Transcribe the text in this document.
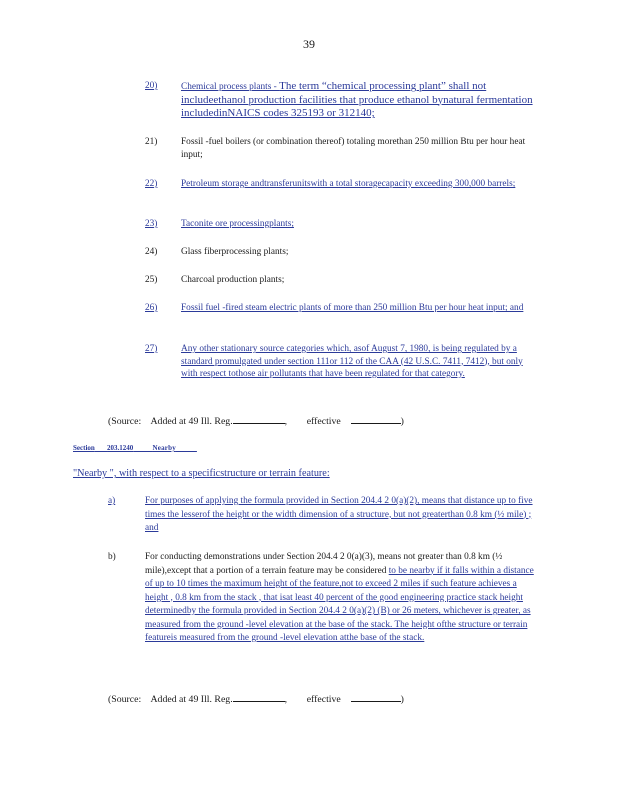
39
20)	Chemical process plants - The term “chemical processing plant” shall not includeethanol production facilities that produce ethanol bynatural fermentation includedinNAICS codes 325193 or 312140;
21)	Fossil -fuel boilers (or combination thereof) totaling morethan 250 million Btu per hour heat input;
22)	Petroleum storage andtransferunitswith a total storagecapacity exceeding 300,000 barrels;
23)	Taconite ore processingplants;
24)	Glass fiberprocessing plants;
25)	Charcoal production plants;
26)	Fossil fuel -fired steam electric plants of more than 250 million Btu per hour heat input; and
27)	Any other stationary source categories which, asof August 7, 1980, is being regulated by a standard promulgated under section 111or 112 of the CAA (42 U.S.C. 7411, 7412), but only with respect tothose air pollutants that have been regulated for that category.
(Source: Added at 49 Ill. Reg.	, effective	)
Section 203.1240	Nearby
"Nearby ", with respect to a specificstructure or terrain feature:
a)	For purposes of applying the formula provided in Section 204.4 2 0(a)(2), means that distance up to five times the lesserof the height or the width dimension of a structure, but not greaterthan 0.8 km (½ mile) ; and
b)	For conducting demonstrations under Section 204.4 2 0(a)(3), means not greater than 0.8 km (½ mile),except that a portion of a terrain feature may be considered to be nearby if it falls within a distance of up to 10 times the maximum height of the feature,not to exceed 2 miles if such feature achieves a height , 0.8 km from the stack , that isat least 40 percent of the good engineering practice stack height determinedby the formula provided in Section 204.4 2 0(a)(2) (B) or 26 meters, whichever is greater, as measured from the ground -level elevation at the base of the stack. The height ofthe structure or terrain featureis measured from the ground -level elevation atthe base of the stack.
(Source: Added at 49 Ill. Reg.	, effective	)
